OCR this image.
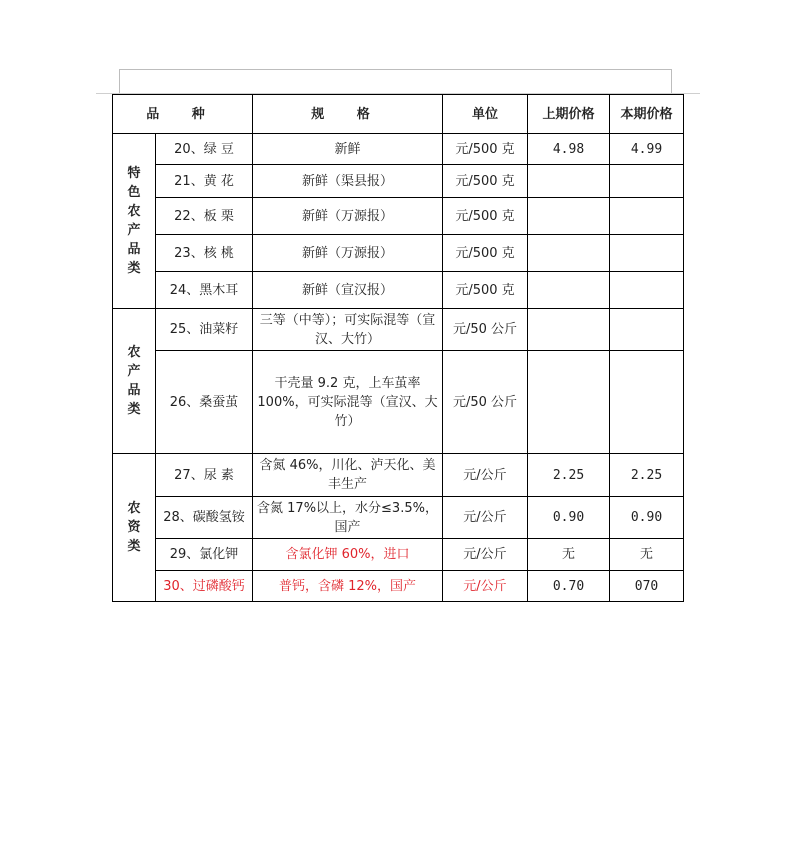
品 种		规 格	单位	上期价格	本期价格
特色农产品类	20、绿 豆	新鲜	元/500 克	4.98	4.99
	21、黄 花	新鲜（渠县报）	元/500 克		
	22、板 栗	新鲜（万源报）	元/500 克		
	23、核 桃	新鲜（万源报）	元/500 克		
	24、黑木耳	新鲜（宣汉报）	元/500 克		
农产品类	25、油菜籽	三等（中等）；可实际混等（宣汉、大竹）	元/50 公斤		
	26、桑蚕茧	干壳量 9.2 克，上车茧率 100%，可实际混等（宣汉、大竹）	元/50 公斤		
农资类	27、尿 素	含氮 46%，川化、泸天化、美丰生产	元/公斤	2.25	2.25
	28、碳酸氢铵	含氮 17%以上，水分≤3.5%，国产	元/公斤	0.90	0.90
	29、氯化钾	含氯化钾 60%，进口	元/公斤	无	无
	30、过磷酸钙	普钙，含磷 12%，国产	元/公斤	0.70	070
